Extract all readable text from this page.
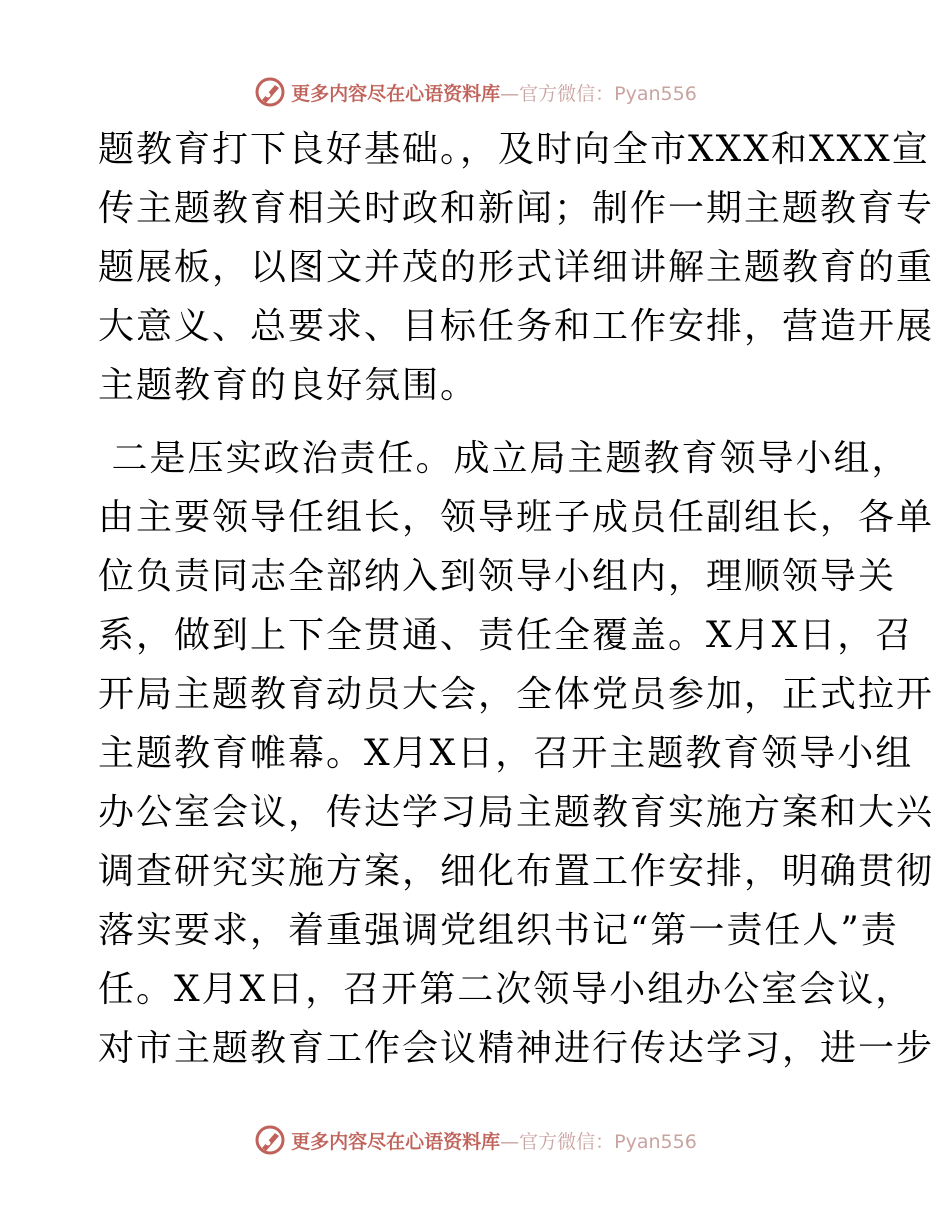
更多内容尽在心语资料库—官方微信：Pyan556
题教育打下良好基础。，及时向全市XXX和XXX宣
传主题教育相关时政和新闻；制作一期主题教育专
题展板，以图文并茂的形式详细讲解主题教育的重
大意义、总要求、目标任务和工作安排，营造开展
主题教育的良好氛围。
二是压实政治责任。成立局主题教育领导小组，
由主要领导任组长，领导班子成员任副组长，各单
位负责同志全部纳入到领导小组内，理顺领导关
系，做到上下全贯通、责任全覆盖。X月X日，召
开局主题教育动员大会，全体党员参加，正式拉开
主题教育帷幕。X月X日，召开主题教育领导小组
办公室会议，传达学习局主题教育实施方案和大兴
调查研究实施方案，细化布置工作安排，明确贯彻
落实要求，着重强调党组织书记“第一责任人”责
任。X月X日，召开第二次领导小组办公室会议，
对市主题教育工作会议精神进行传达学习，进一步
更多内容尽在心语资料库—官方微信：Pyan556
